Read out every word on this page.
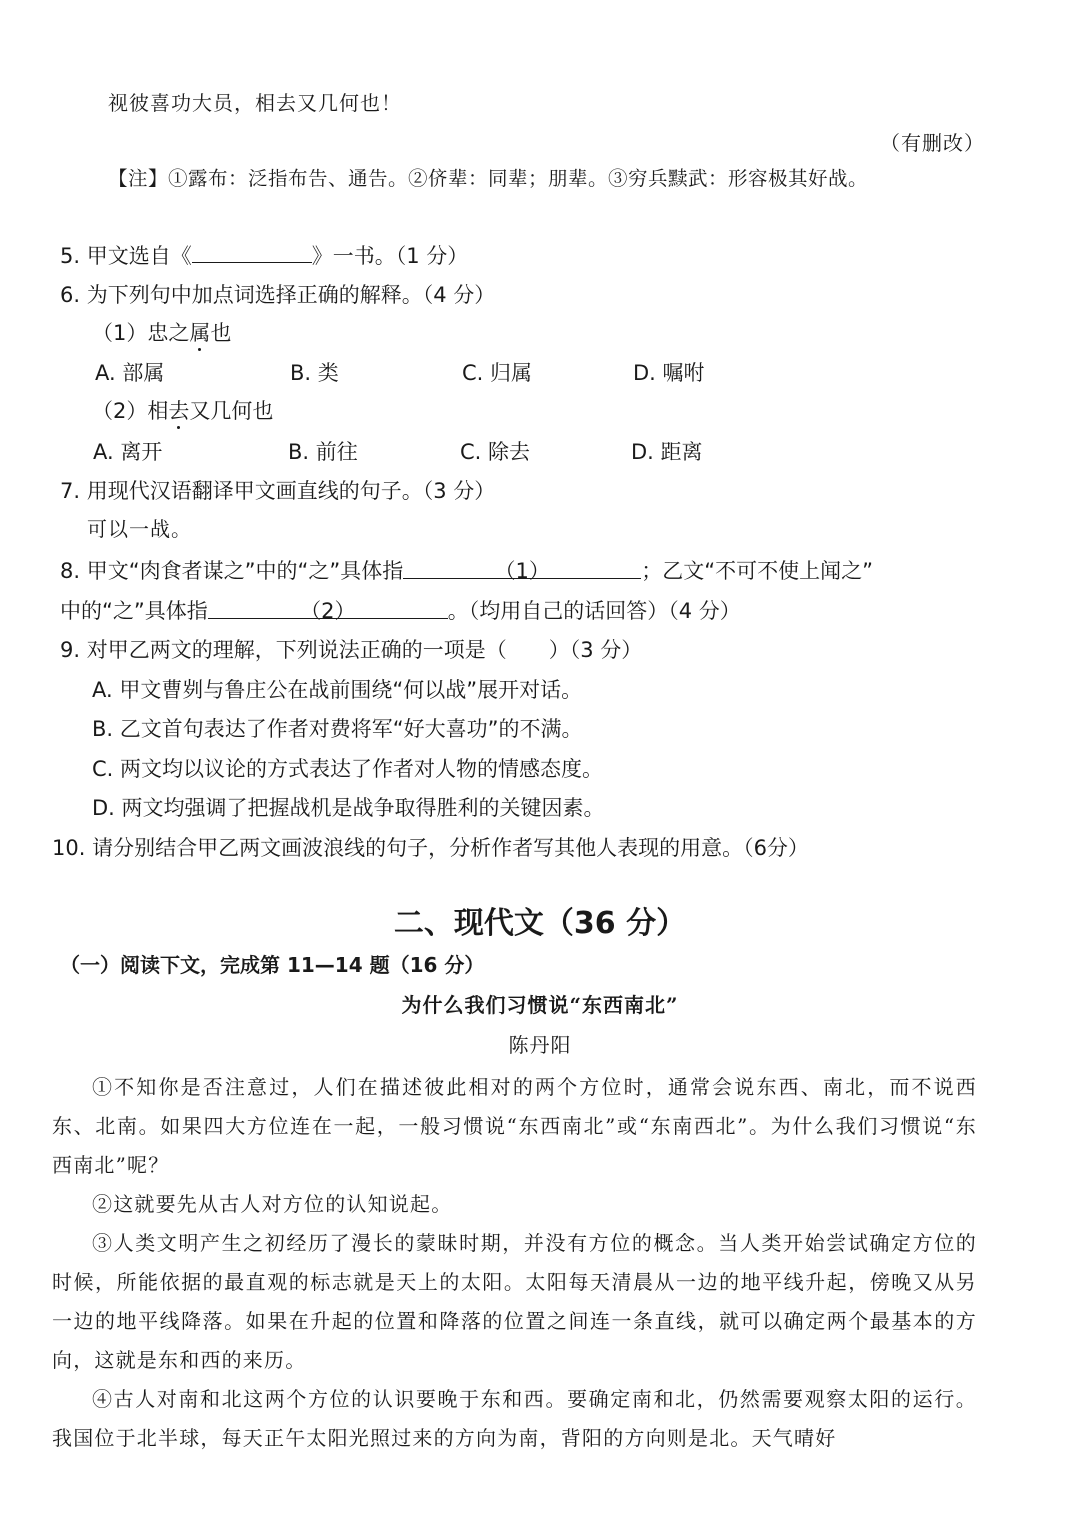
视彼喜功大员，相去又几何也！
（有删改）
【注】①露布：泛指布告、通告。②侪辈：同辈；朋辈。③穷兵黩武：形容极其好战。
5. 甲文选自《	》一书。（1 分）
6. 为下列句中加点词选择正确的解释。（4 分）
（1）忠之属也
A. 部属	B. 类	C. 归属	D. 嘱咐
（2）相去又几何也
A. 离开	B. 前往	C. 除去	D. 距离
7. 用现代汉语翻译甲文画直线的句子。（3 分）
可以一战。
8. 甲文“肉食者谋之”中的“之”具体指	（1）	；乙文“不可不使上闻之”
中的“之”具体指	（2）	。（均用自己的话回答）（4 分）
9. 对甲乙两文的理解，下列说法正确的一项是（　　）（3 分）
A. 甲文曹刿与鲁庄公在战前围绕“何以战”展开对话。
B. 乙文首句表达了作者对费将军“好大喜功”的不满。
C. 两文均以议论的方式表达了作者对人物的情感态度。
D. 两文均强调了把握战机是战争取得胜利的关键因素。
10. 请分别结合甲乙两文画波浪线的句子，分析作者写其他人表现的用意。（6分）
二、现代文（36 分）
（一）阅读下文，完成第 11—14 题（16 分）
为什么我们习惯说“东西南北”
陈丹阳
①不知你是否注意过，人们在描述彼此相对的两个方位时，通常会说东西、南北，而不说西东、北南。如果四大方位连在一起，一般习惯说“东西南北”或“东南西北”。为什么我们习惯说“东西南北”呢？
②这就要先从古人对方位的认知说起。
③人类文明产生之初经历了漫长的蒙昧时期，并没有方位的概念。当人类开始尝试确定方位的时候，所能依据的最直观的标志就是天上的太阳。太阳每天清晨从一边的地平线升起，傍晚又从另一边的地平线降落。如果在升起的位置和降落的位置之间连一条直线，就可以确定两个最基本的方向，这就是东和西的来历。
④古人对南和北这两个方位的认识要晚于东和西。要确定南和北，仍然需要观察太阳的运行。我国位于北半球，每天正午太阳光照过来的方向为南，背阳的方向则是北。天气晴好
